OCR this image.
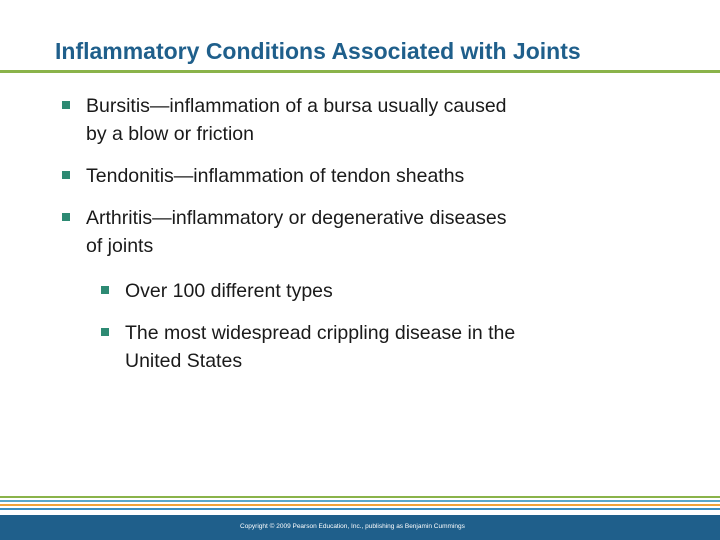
Inflammatory Conditions Associated with Joints
Bursitis—inflammation of a bursa usually caused
by a blow or friction
Tendonitis—inflammation of tendon sheaths
Arthritis—inflammatory or degenerative diseases
of joints
Over 100 different types
The most widespread crippling disease in the
United States
Copyright © 2009 Pearson Education, Inc., publishing as Benjamin Cummings
